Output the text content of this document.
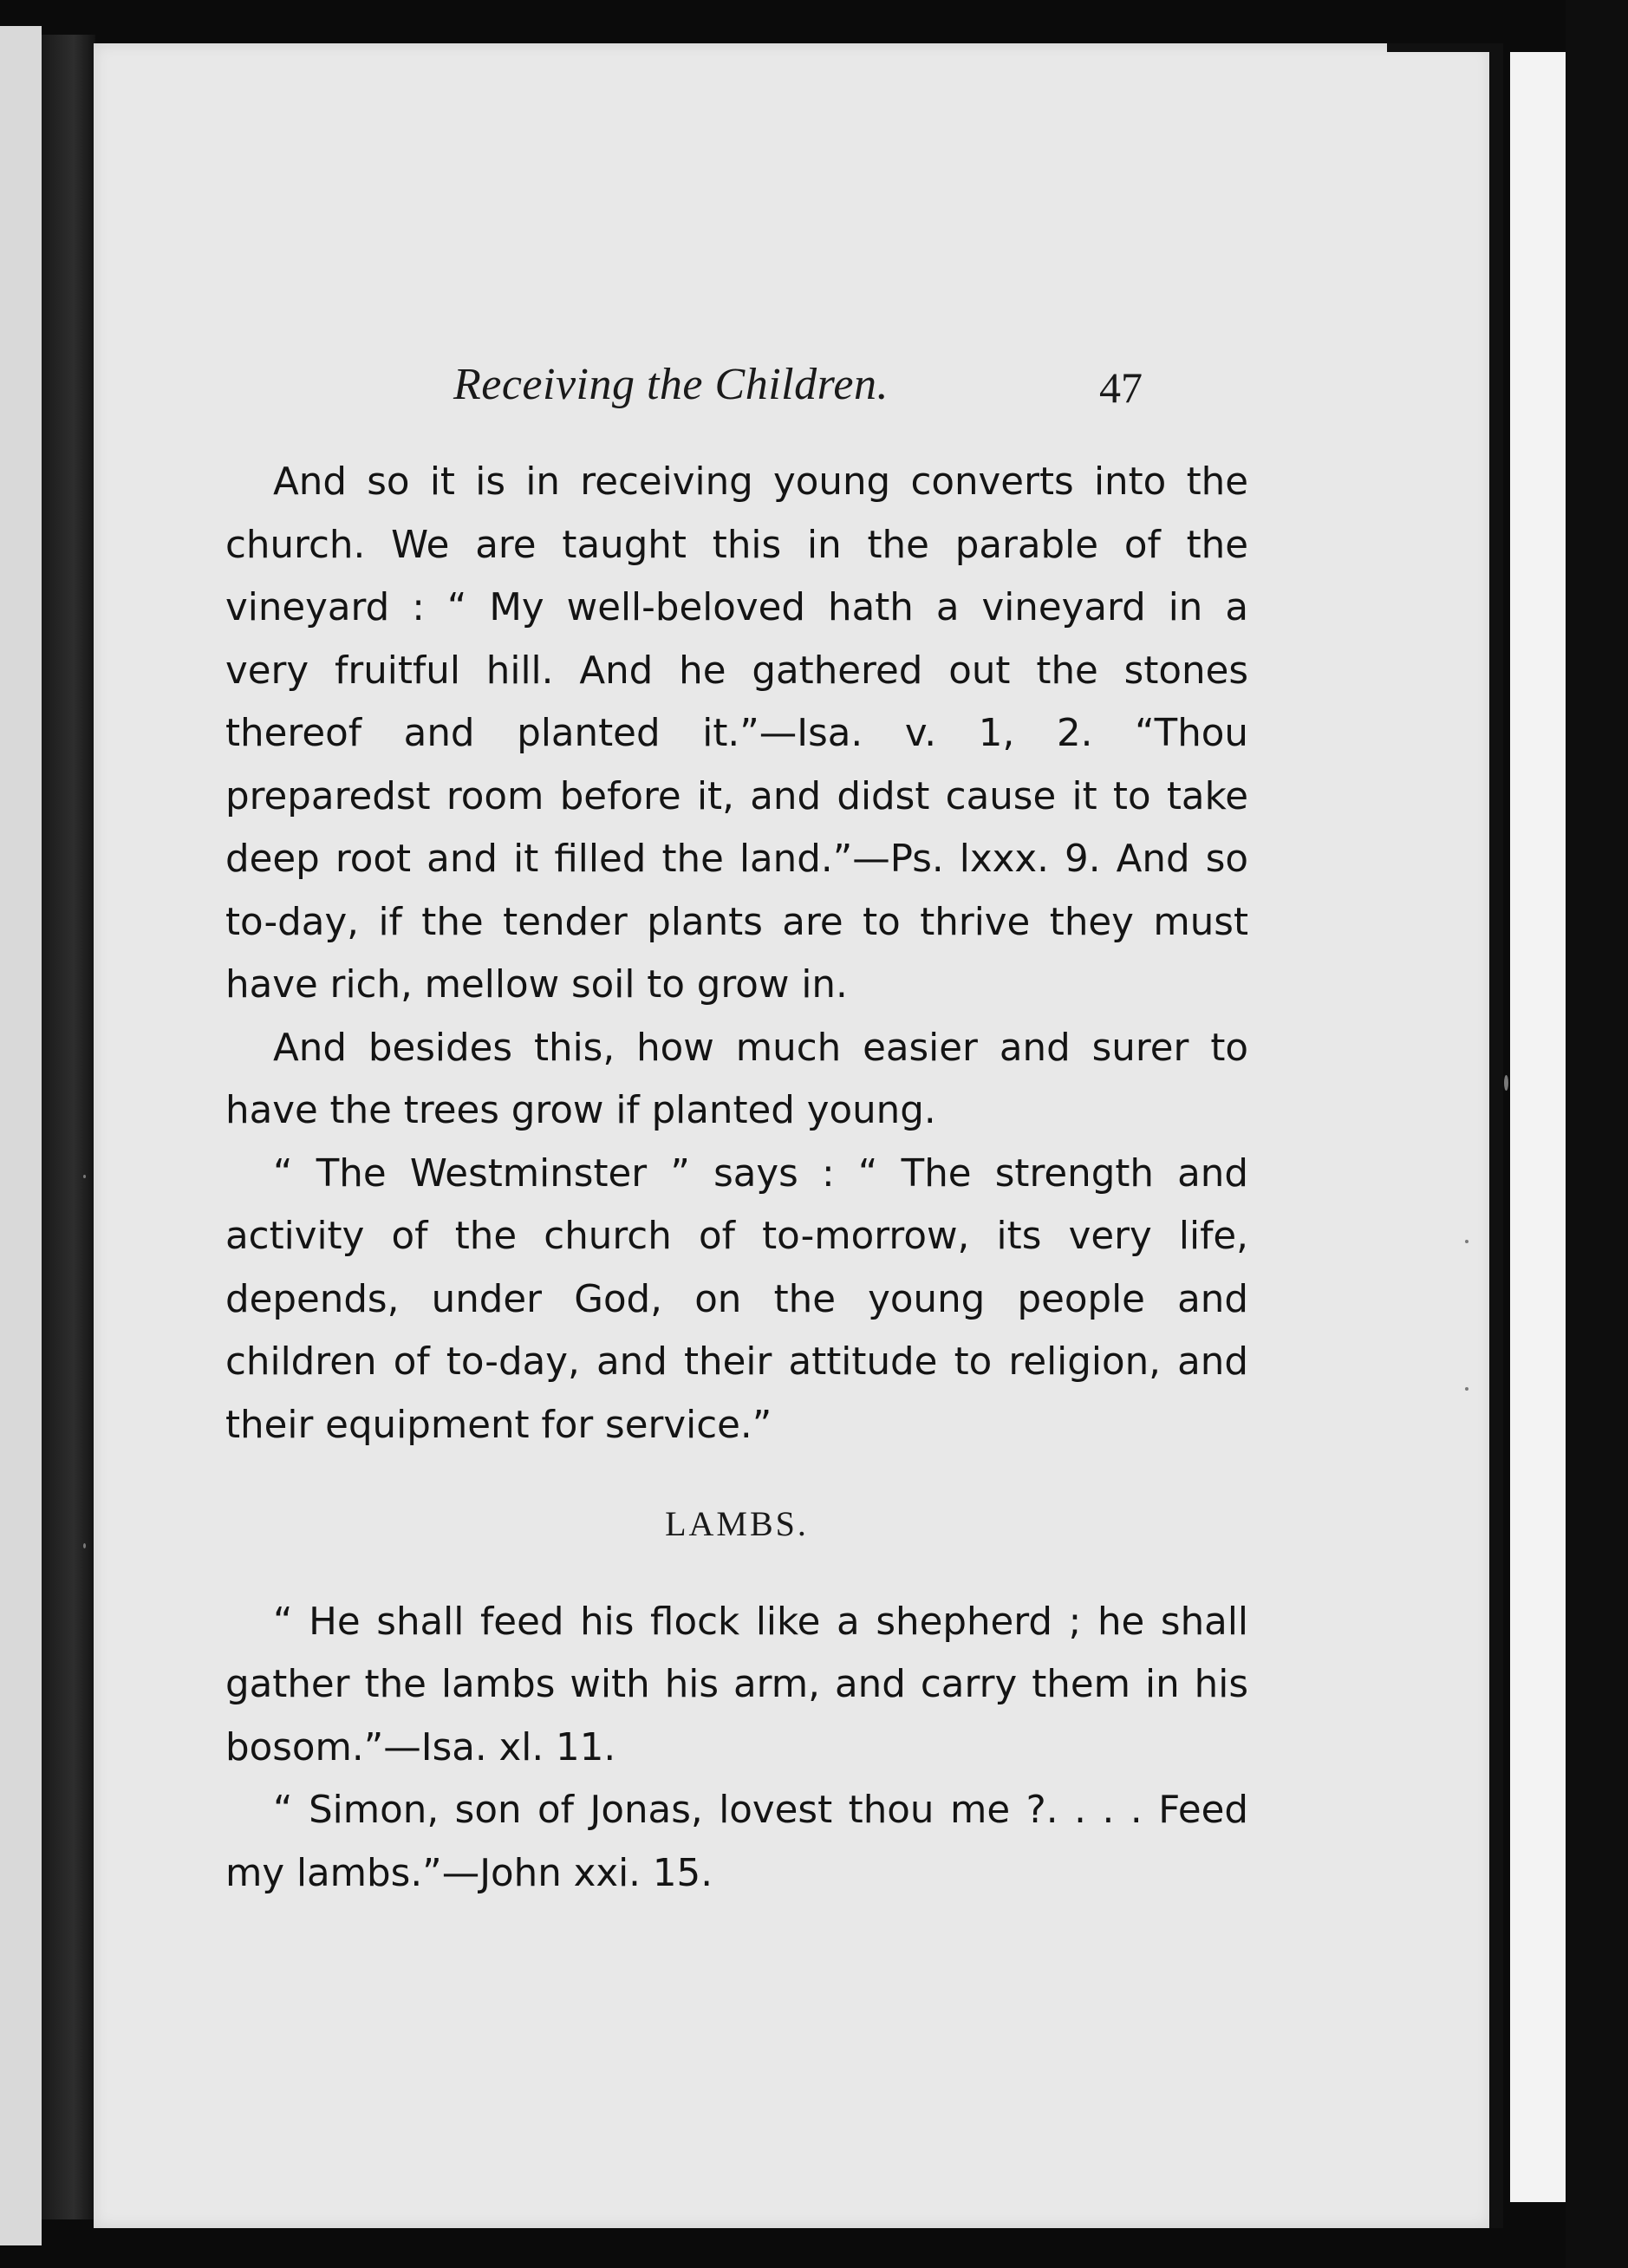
Receiving the Children.	47

And so it is in receiving young converts into the church. We are taught this in the parable of the vineyard : “ My well-beloved hath a vineyard in a very fruitful hill. And he gathered out the stones thereof and planted it.”—Isa. v. 1, 2. “Thou preparedst room before it, and didst cause it to take deep root and it filled the land.”—Ps. lxxx. 9. And so to-day, if the tender plants are to thrive they must have rich, mellow soil to grow in.

And besides this, how much easier and surer to have the trees grow if planted young.

“ The Westminster ” says : “ The strength and activity of the church of to-morrow, its very life, depends, under God, on the young people and children of to-day, and their attitude to religion, and their equipment for service.”

LAMBS.

“ He shall feed his flock like a shepherd ; he shall gather the lambs with his arm, and carry them in his bosom.”—Isa. xl. 11.

“ Simon, son of Jonas, lovest thou me ?. . . . Feed my lambs.”—John xxi. 15.
